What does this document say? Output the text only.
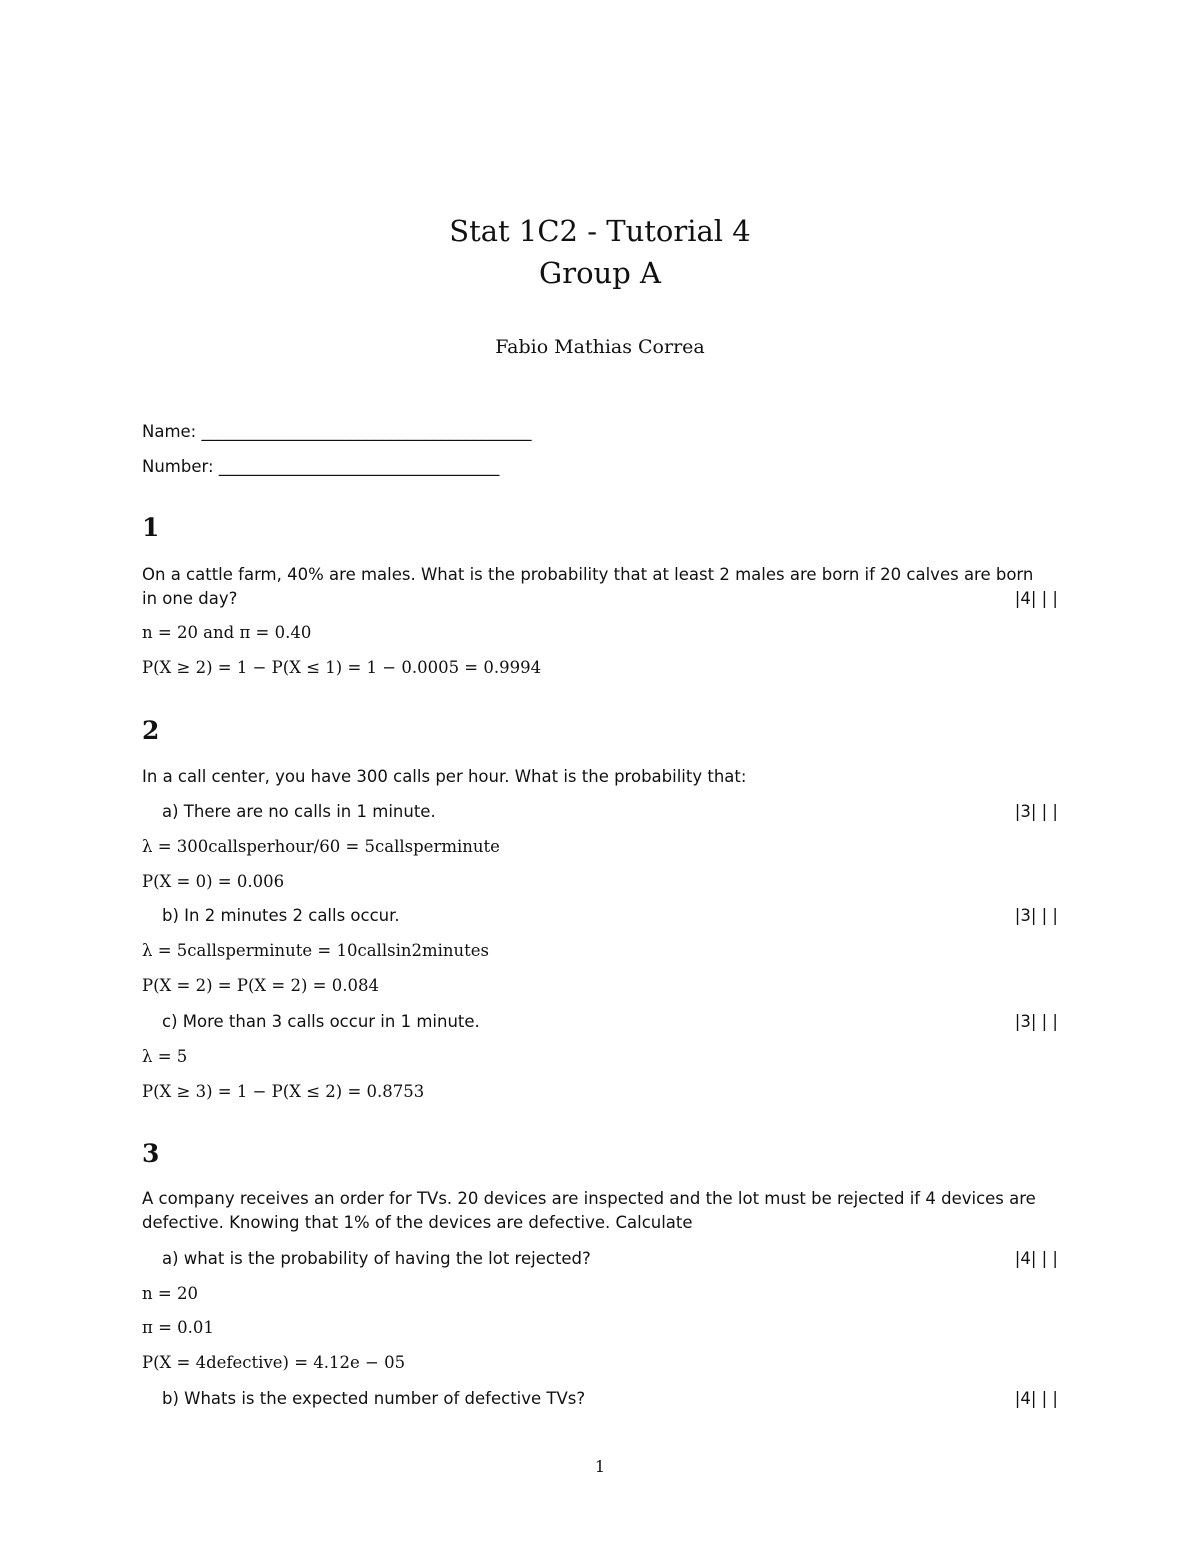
Stat 1C2 - Tutorial 4
Group A
Fabio Mathias Correa
Name: ________________________________________
Number: __________________________________
1
On a cattle farm, 40% are males. What is the probability that at least 2 males are born if 20 calves are born
in one day?	|4| | |
n = 20 and π = 0.40
P(X ≥ 2) = 1 − P(X ≤ 1) = 1 − 0.0005 = 0.9994
2
In a call center, you have 300 calls per hour. What is the probability that:
a) There are no calls in 1 minute.	|3| | |
λ = 300callsperhour/60 = 5callsperminute
P(X = 0) = 0.006
b) In 2 minutes 2 calls occur.	|3| | |
λ = 5callsperminute = 10callsin2minutes
P(X = 2) = P(X = 2) = 0.084
c) More than 3 calls occur in 1 minute.	|3| | |
λ = 5
P(X ≥ 3) = 1 − P(X ≤ 2) = 0.8753
3
A company receives an order for TVs. 20 devices are inspected and the lot must be rejected if 4 devices are
defective. Knowing that 1% of the devices are defective. Calculate
a) what is the probability of having the lot rejected?	|4| | |
n = 20
π = 0.01
P(X = 4defective) = 4.12e − 05
b) Whats is the expected number of defective TVs?	|4| | |
1
